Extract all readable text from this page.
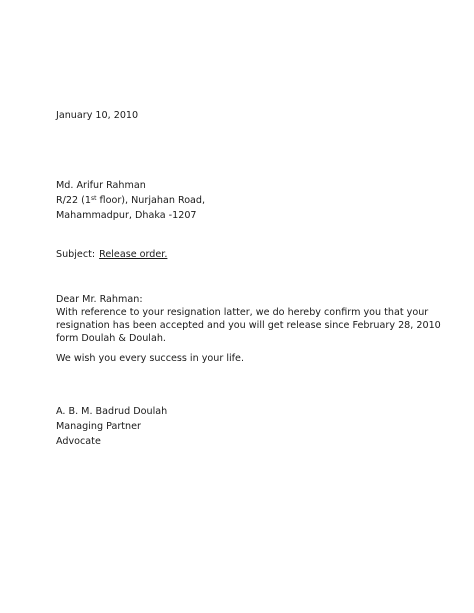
January 10, 2010
Md. Arifur Rahman
R/22 (1st floor), Nurjahan Road,
Mahammadpur, Dhaka -1207
Subject: Release order.
Dear Mr. Rahman:
With reference to your resignation latter, we do hereby confirm you that your
resignation has been accepted and you will get release since February 28, 2010
form Doulah & Doulah.
We wish you every success in your life.
A. B. M. Badrud Doulah
Managing Partner
Advocate
